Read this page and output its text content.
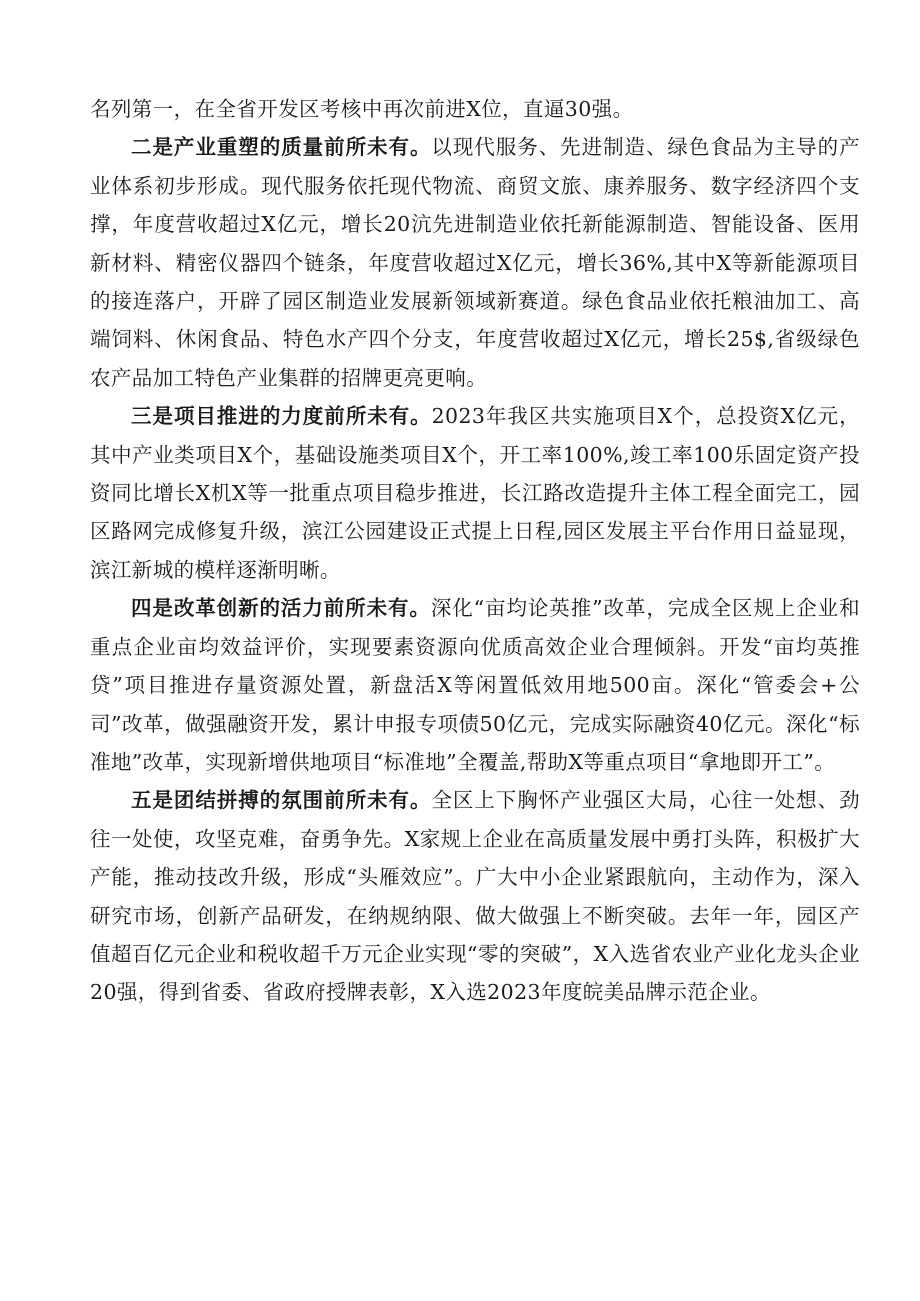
名列第一，在全省开发区考核中再次前进X位，直逼30强。

二是产业重塑的质量前所未有。以现代服务、先进制造、绿色食品为主导的产业体系初步形成。现代服务依托现代物流、商贸文旅、康养服务、数字经济四个支撑，年度营收超过X亿元，增长20沆先进制造业依托新能源制造、智能设备、医用新材料、精密仪器四个链条，年度营收超过X亿元，增长36%,其中X等新能源项目的接连落户，开辟了园区制造业发展新领域新赛道。绿色食品业依托粮油加工、高端饲料、休闲食品、特色水产四个分支，年度营收超过X亿元，增长25$,省级绿色农产品加工特色产业集群的招牌更亮更响。

三是项目推进的力度前所未有。2023年我区共实施项目X个，总投资X亿元，其中产业类项目X个，基础设施类项目X个，开工率100%,竣工率100乐固定资产投资同比增长X机X等一批重点项目稳步推进，长江路改造提升主体工程全面完工，园区路网完成修复升级，滨江公园建设正式提上日程,园区发展主平台作用日益显现，滨江新城的模样逐渐明晰。

四是改革创新的活力前所未有。深化“亩均论英推”改革，完成全区规上企业和重点企业亩均效益评价，实现要素资源向优质高效企业合理倾斜。开发“亩均英推贷”项目推进存量资源处置，新盘活X等闲置低效用地500亩。深化“管委会+公司”改革，做强融资开发，累计申报专项债50亿元，完成实际融资40亿元。深化“标准地”改革，实现新增供地项目“标准地”全覆盖,帮助X等重点项目“拿地即开工”。

五是团结拼搏的氛围前所未有。全区上下胸怀产业强区大局，心往一处想、劲往一处使，攻坚克难，奋勇争先。X家规上企业在高质量发展中勇打头阵，积极扩大产能，推动技改升级，形成“头雁效应”。广大中小企业紧跟航向，主动作为，深入研究市场，创新产品研发，在纳规纳限、做大做强上不断突破。去年一年，园区产值超百亿元企业和税收超千万元企业实现“零的突破”，X入选省农业产业化龙头企业20强，得到省委、省政府授牌表彰，X入选2023年度皖美品牌示范企业。
